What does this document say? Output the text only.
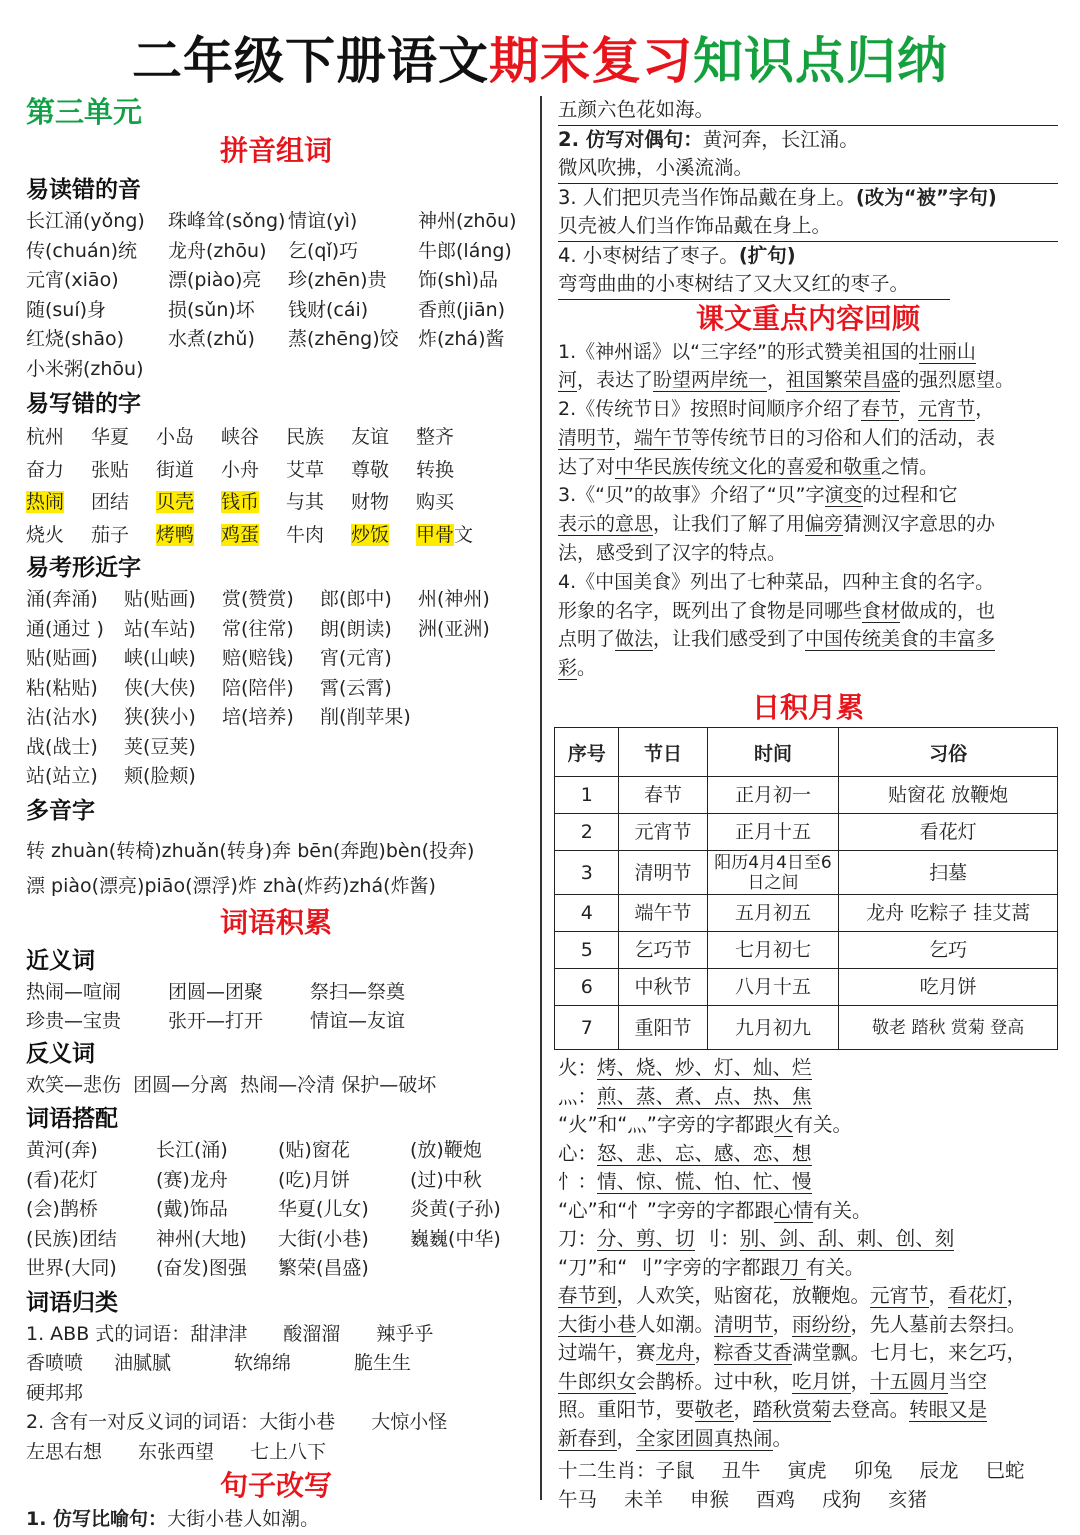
二年级下册语文期末复习知识点归纳
第三单元
拼音组词
易读错的音
长江涌(yǒng)	珠峰耸(sǒng) 情谊(yì)	神州(zhōu)
传(chuán)统	龙舟(zhōu)	乞(qǐ)巧	牛郎(láng)
元宵(xiāo)	漂(piào)亮	珍(zhēn)贵	饰(shì)品
随(suí)身	损(sǔn)坏	钱财(cái)	香煎(jiān)
红烧(shāo)	水煮(zhǔ)	蒸(zhēng)饺	炸(zhá)酱
小米粥(zhōu)
易写错的字
杭州	华夏	小岛	峡谷	民族	友谊	整齐
奋力	张贴	街道	小舟	艾草	尊敬	转换
热闹	团结	贝壳	钱币	与其	财物	购买
烧火	茄子	烤鸭	鸡蛋	牛肉	炒饭	甲骨文
易考形近字
涌(奔涌)	贴(贴画)	赏(赞赏)	郎(郎中)	州(神州)
通(通过 )	站(车站)	常(往常)	朗(朗读)	洲(亚洲)
贴(贴画)	峡(山峡)	赔(赔钱)	宵(元宵)
粘(粘贴)	侠(大侠)	陪(陪伴)	霄(云霄)
沾(沾水)	狭(狭小)	培(培养)	削(削苹果)
战(战士)	荚(豆荚)
站(站立)	颊(脸颊)
多音字
转 zhuàn(转椅)zhuǎn(转身)奔 bēn(奔跑)bèn(投奔)
漂 piào(漂亮)piāo(漂浮)炸 zhà(炸药)zhá(炸酱)
词语积累
近义词
热闹—喧闹	团圆—团聚	祭扫—祭奠
珍贵—宝贵	张开—打开	情谊—友谊
反义词
欢笑—悲伤  团圆—分离  热闹—冷清 保护—破坏
词语搭配
黄河(奔)	长江(涌)	(贴)窗花	(放)鞭炮
(看)花灯	(赛)龙舟	(吃)月饼	(过)中秋
(会)鹊桥	(戴)饰品	华夏(儿女)	炎黄(子孙)
(民族)团结	神州(大地)	大街(小巷)	巍巍(中华)
世界(大同)	(奋发)图强	繁荣(昌盛)
词语归类
1. ABB 式的词语：甜津津 酸溜溜 辣乎乎
香喷喷	油腻腻	软绵绵	脆生生
硬邦邦
2. 含有一对反义词的词语：大街小巷 大惊小怪
左思右想 东张西望 七上八下
句子改写
1. 仿写比喻句：大街小巷人如潮。
五颜六色花如海。
2. 仿写对偶句：黄河奔，长江涌。
微风吹拂，小溪流淌。
3. 人们把贝壳当作饰品戴在身上。(改为“被”字句)
贝壳被人们当作饰品戴在身上。
4. 小枣树结了枣子。(扩句)
弯弯曲曲的小枣树结了又大又红的枣子。
课文重点内容回顾
1.《神州谣》以“三字经”的形式赞美祖国的壮丽山
河，表达了盼望两岸统一，祖国繁荣昌盛的强烈愿望。
2.《传统节日》按照时间顺序介绍了春节，元宵节，
清明节，端午节等传统节日的习俗和人们的活动，表
达了对中华民族传统文化的喜爱和敬重之情。
3.《“贝”的故事》介绍了“贝”字演变的过程和它
表示的意思，让我们了解了用偏旁猜测汉字意思的办
法，感受到了汉字的特点。
4.《中国美食》列出了七种菜品，四种主食的名字。
形象的名字，既列出了食物是同哪些食材做成的，也
点明了做法，让我们感受到了中国传统美食的丰富多
彩。
日积月累
序号	节日	时间	习俗
1	春节	正月初一	贴窗花 放鞭炮
2	元宵节	正月十五	看花灯
3	清明节	阳历4月4日至6日之间	扫墓
4	端午节	五月初五	龙舟 吃粽子 挂艾蒿
5	乞巧节	七月初七	乞巧
6	中秋节	八月十五	吃月饼
7	重阳节	九月初九	敬老 踏秋 赏菊 登高
火：烤、烧、炒、灯、灿、烂
灬：煎、蒸、煮、点、热、焦
“火”和“灬”字旁的字都跟火有关。
心：怒、悲、忘、感、恋、想
忄：情、惊、慌、怕、忙、慢
“心”和“忄”字旁的字都跟心情有关。
刀：分、剪、切 刂：别、剑、刮、刺、创、刻
“刀”和“ 刂”字旁的字都跟刀 有关。
春节到，人欢笑，贴窗花，放鞭炮。元宵节，看花灯，
大街小巷人如潮。清明节，雨纷纷，先人墓前去祭扫。
过端午，赛龙舟，粽香艾香满堂飘。七月七，来乞巧，
牛郎织女会鹊桥。过中秋，吃月饼，十五圆月当空
照。重阳节，要敬老，踏秋赏菊去登高。转眼又是
新春到，全家团圆真热闹。
十二生肖：子鼠 丑牛 寅虎 卯兔 辰龙 巳蛇
午马 未羊 申猴 酉鸡 戌狗 亥猪
